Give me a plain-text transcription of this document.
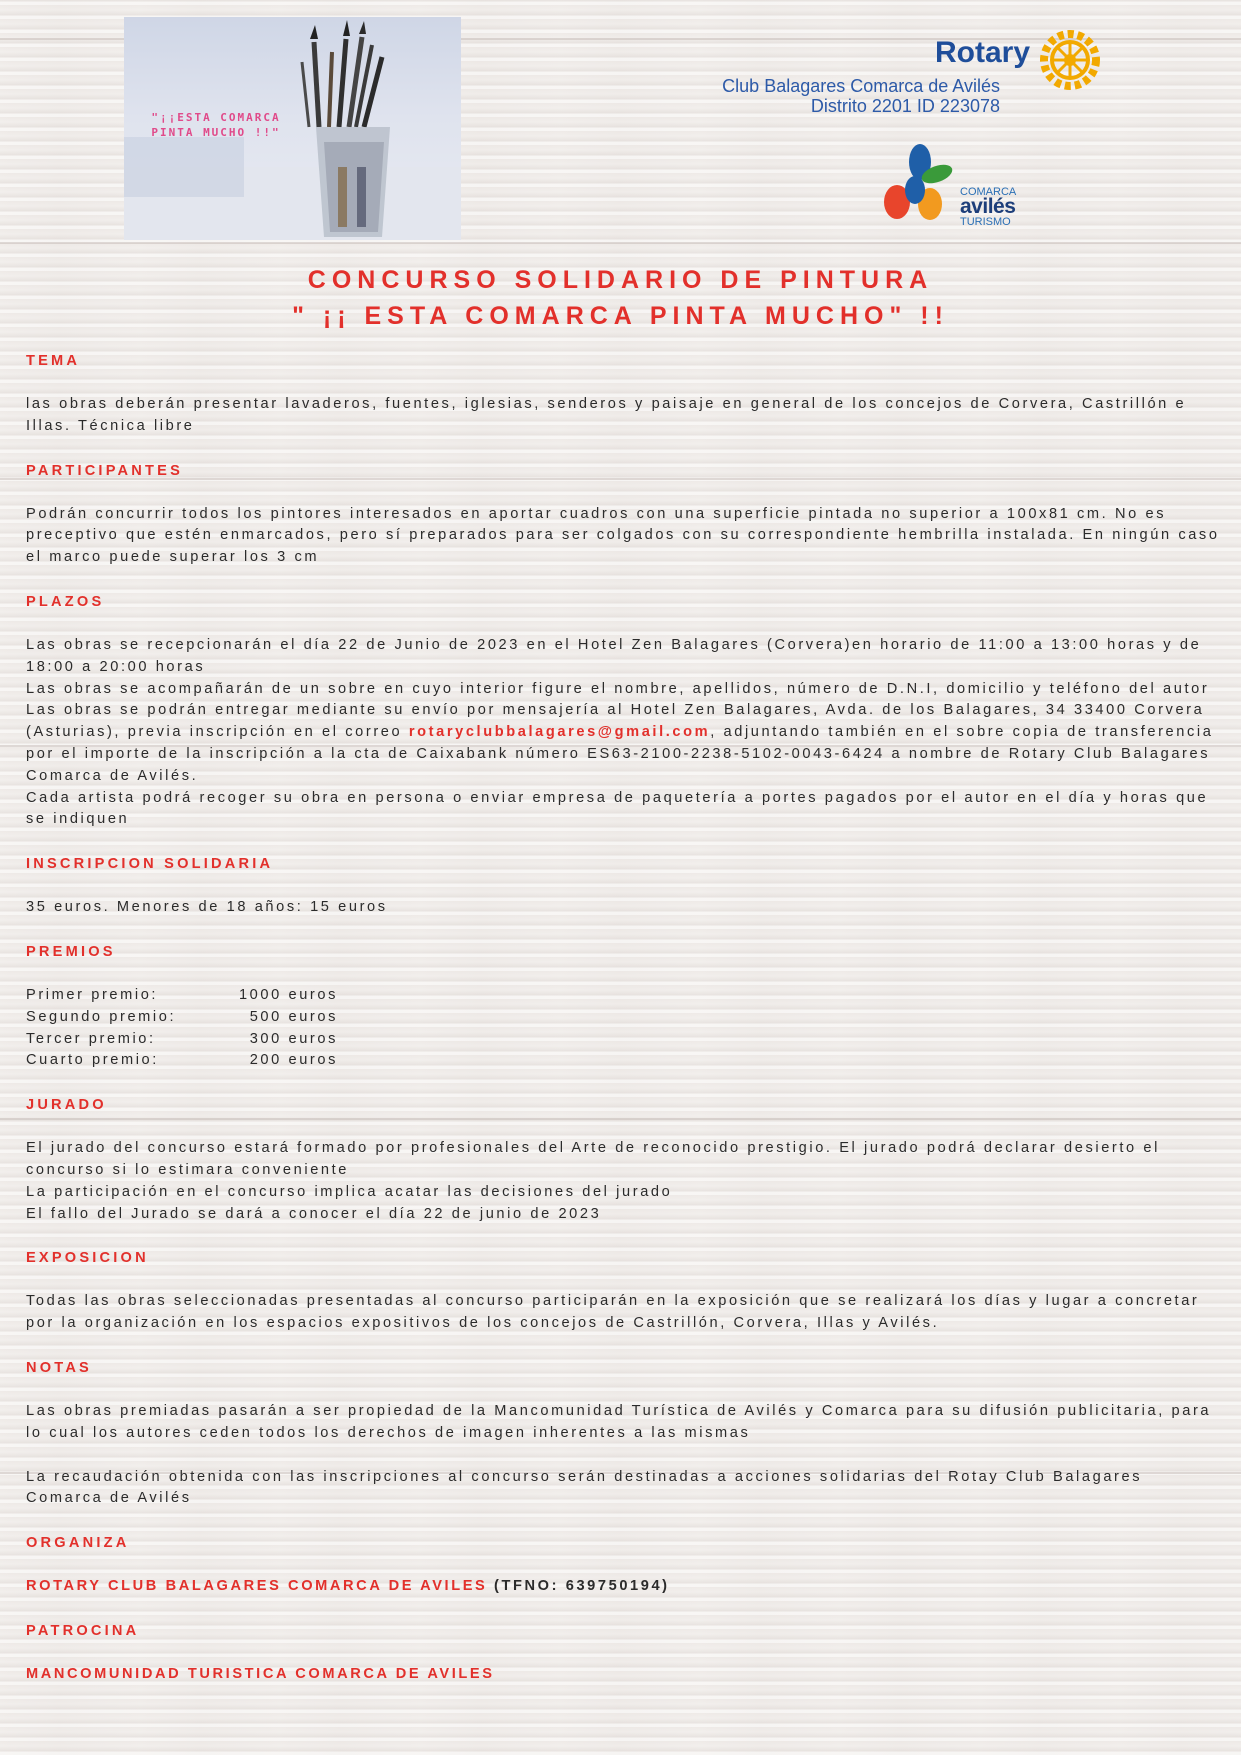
"¡¡ESTA COMARCA
PINTA MUCHO !!"
Rotary
Club Balagares Comarca de Avilés
Distrito 2201 ID 223078
COMARCA
avilés
TURISMO
CONCURSO SOLIDARIO DE PINTURA
" ¡¡ ESTA COMARCA PINTA MUCHO" !!
TEMA
las obras deberán presentar lavaderos, fuentes, iglesias, senderos y paisaje en general de los concejos de Corvera, Castrillón e Illas. Técnica libre
PARTICIPANTES
Podrán concurrir todos los pintores interesados en aportar cuadros con una superficie pintada no superior a 100x81 cm. No es preceptivo que estén enmarcados, pero sí preparados para ser colgados con su correspondiente hembrilla instalada. En ningún caso el marco puede superar los 3 cm
PLAZOS
Las obras se recepcionarán el día 22 de Junio de 2023 en el Hotel Zen Balagares (Corvera)en horario de 11:00 a 13:00 horas y de 18:00 a 20:00 horas
Las obras se acompañarán de un sobre en cuyo interior figure el nombre, apellidos, número de D.N.I, domicilio y teléfono del autor
Las obras se podrán entregar mediante su envío por mensajería al Hotel Zen Balagares, Avda. de los Balagares, 34 33400 Corvera (Asturias), previa inscripción en el correo rotaryclubbalagares@gmail.com, adjuntando también en el sobre copia de transferencia por el importe de la inscripción a la cta de Caixabank número ES63-2100-2238-5102-0043-6424 a nombre de Rotary Club Balagares Comarca de Avilés.
Cada artista podrá recoger su obra en persona o enviar empresa de paquetería a portes pagados por el autor en el día y horas que se indiquen
INSCRIPCION SOLIDARIA
35 euros. Menores de 18 años: 15 euros
PREMIOS
Primer premio:	1000 euros
Segundo premio:	500 euros
Tercer premio:	300 euros
Cuarto premio:	200 euros
JURADO
El jurado del concurso estará formado por profesionales del Arte de reconocido prestigio. El jurado podrá declarar desierto el concurso si lo estimara conveniente
La participación en el concurso implica acatar las decisiones del jurado
El fallo del Jurado se dará a conocer el día 22 de junio de 2023
EXPOSICION
Todas las obras seleccionadas presentadas al concurso participarán en la exposición que se realizará los días y lugar a concretar por la organización en los espacios expositivos de los concejos de Castrillón, Corvera, Illas y Avilés.
NOTAS
Las obras premiadas pasarán a ser propiedad de la Mancomunidad Turística de Avilés y Comarca para su difusión publicitaria, para lo cual los autores ceden todos los derechos de imagen inherentes a las mismas
La recaudación obtenida con las inscripciones al concurso serán destinadas a acciones solidarias del Rotay Club Balagares Comarca de Avilés
ORGANIZA
ROTARY CLUB BALAGARES COMARCA DE AVILES (TFNO: 639750194)
PATROCINA
MANCOMUNIDAD TURISTICA COMARCA DE AVILES
